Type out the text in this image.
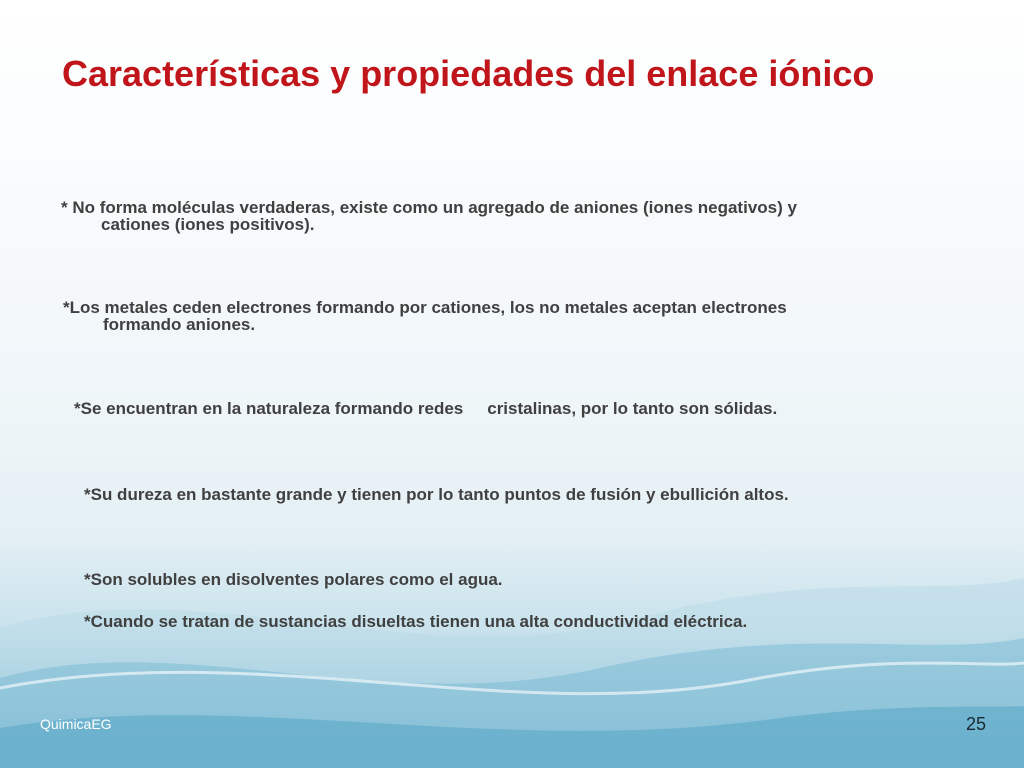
Características y propiedades del enlace iónico

* No forma moléculas verdaderas, existe como un agregado de aniones (iones negativos) y
cationes (iones positivos).

*Los metales ceden electrones formando por cationes, los no metales aceptan electrones
formando aniones.

*Se encuentran en la naturaleza formando redes cristalinas, por lo tanto son sólidas.

*Su dureza en bastante grande y tienen por lo tanto puntos de fusión y ebullición altos.

*Son solubles en disolventes polares como el agua.

*Cuando se tratan de sustancias disueltas tienen una alta conductividad eléctrica.

QuimicaEG	25
